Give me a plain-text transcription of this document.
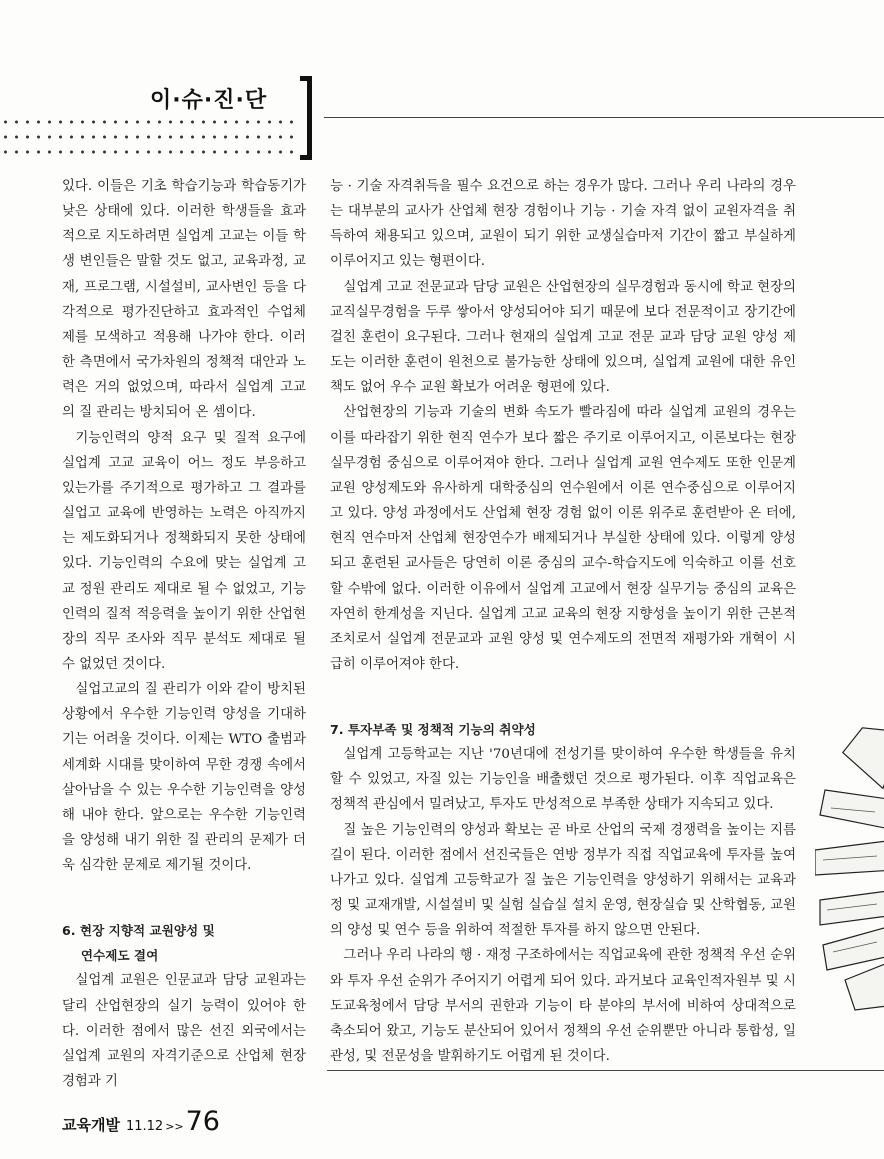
이·슈·진·단

있다. 이들은 기초 학습기능과 학습동기가 낮은 상태에 있다. 이러한 학생들을 효과적으로 지도하려면 실업계 고교는 이들 학생 변인들은 말할 것도 없고, 교육과정, 교재, 프로그램, 시설설비, 교사변인 등을 다각적으로 평가진단하고 효과적인 수업체제를 모색하고 적용해 나가야 한다. 이러한 측면에서 국가차원의 정책적 대안과 노력은 거의 없었으며, 따라서 실업계 고교의 질 관리는 방치되어 온 셈이다.

기능인력의 양적 요구 및 질적 요구에 실업계 고교 교육이 어느 정도 부응하고 있는가를 주기적으로 평가하고 그 결과를 실업고 교육에 반영하는 노력은 아직까지는 제도화되거나 정책화되지 못한 상태에 있다. 기능인력의 수요에 맞는 실업계 고교 정원 관리도 제대로 될 수 없었고, 기능인력의 질적 적응력을 높이기 위한 산업현장의 직무 조사와 직무 분석도 제대로 될 수 없었던 것이다.

실업고교의 질 관리가 이와 같이 방치된 상황에서 우수한 기능인력 양성을 기대하기는 어려울 것이다. 이제는 WTO 출범과 세계화 시대를 맞이하여 무한 경쟁 속에서 살아남을 수 있는 우수한 기능인력을 양성해 내야 한다. 앞으로는 우수한 기능인력을 양성해 내기 위한 질 관리의 문제가 더욱 심각한 문제로 제기될 것이다.

6. 현장 지향적 교원양성 및
연수제도 결여

실업계 교원은 인문교과 담당 교원과는 달리 산업현장의 실기 능력이 있어야 한다. 이러한 점에서 많은 선진 외국에서는 실업계 교원의 자격기준으로 산업체 현장 경험과 기

능 · 기술 자격취득을 필수 요건으로 하는 경우가 많다. 그러나 우리 나라의 경우는 대부분의 교사가 산업체 현장 경험이나 기능 · 기술 자격 없이 교원자격을 취득하여 채용되고 있으며, 교원이 되기 위한 교생실습마저 기간이 짧고 부실하게 이루어지고 있는 형편이다.

실업계 고교 전문교과 담당 교원은 산업현장의 실무경험과 동시에 학교 현장의 교직실무경험을 두루 쌓아서 양성되어야 되기 때문에 보다 전문적이고 장기간에 걸친 훈련이 요구된다. 그러나 현재의 실업계 고교 전문 교과 담당 교원 양성 제도는 이러한 훈련이 원천으로 불가능한 상태에 있으며, 실업계 교원에 대한 유인책도 없어 우수 교원 확보가 어려운 형편에 있다.

산업현장의 기능과 기술의 변화 속도가 빨라짐에 따라 실업계 교원의 경우는 이를 따라잡기 위한 현직 연수가 보다 짧은 주기로 이루어지고, 이론보다는 현장 실무경험 중심으로 이루어져야 한다. 그러나 실업계 교원 연수제도 또한 인문계 교원 양성제도와 유사하게 대학중심의 연수원에서 이론 연수중심으로 이루어지고 있다. 양성 과정에서도 산업체 현장 경험 없이 이론 위주로 훈련받아 온 터에, 현직 연수마저 산업체 현장연수가 배제되거나 부실한 상태에 있다. 이렇게 양성되고 훈련된 교사들은 당연히 이론 중심의 교수-학습지도에 익숙하고 이를 선호할 수밖에 없다. 이러한 이유에서 실업계 고교에서 현장 실무기능 중심의 교육은 자연히 한계성을 지닌다. 실업계 고교 교육의 현장 지향성을 높이기 위한 근본적 조치로서 실업계 전문교과 교원 양성 및 연수제도의 전면적 재평가와 개혁이 시급히 이루어져야 한다.

7. 투자부족 및 정책적 기능의 취약성

실업계 고등학교는 지난 '70년대에 전성기를 맞이하여 우수한 학생들을 유치할 수 있었고, 자질 있는 기능인을 배출했던 것으로 평가된다. 이후 직업교육은 정책적 관심에서 밀려났고, 투자도 만성적으로 부족한 상태가 지속되고 있다.

질 높은 기능인력의 양성과 확보는 곧 바로 산업의 국제 경쟁력을 높이는 지름길이 된다. 이러한 점에서 선진국들은 연방 정부가 직접 직업교육에 투자를 높여 나가고 있다. 실업계 고등학교가 질 높은 기능인력을 양성하기 위해서는 교육과정 및 교재개발, 시설설비 및 실험 실습실 설치 운영, 현장실습 및 산학협동, 교원의 양성 및 연수 등을 위하여 적절한 투자를 하지 않으면 안된다.

그러나 우리 나라의 행 · 재정 구조하에서는 직업교육에 관한 정책적 우선 순위와 투자 우선 순위가 주어지기 어렵게 되어 있다. 과거보다 교육인적자원부 및 시도교육청에서 담당 부서의 권한과 기능이 타 분야의 부서에 비하여 상대적으로 축소되어 왔고, 기능도 분산되어 있어서 정책의 우선 순위뿐만 아니라 통합성, 일관성, 및 전문성을 발휘하기도 어렵게 된 것이다.

교육개발 11.12 >> 76
